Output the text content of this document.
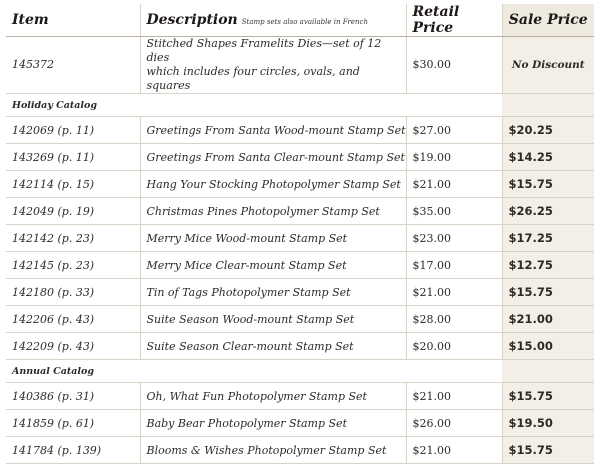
Item	Description Stamp sets also available in French	Retail Price	Sale Price
145372	Stitched Shapes Framelits Dies—set of 12 dies
which includes four circles, ovals, and squares	$30.00	No Discount
Holiday Catalog			
142069 (p. 11)	Greetings From Santa Wood-mount Stamp Set	$27.00	$20.25
143269 (p. 11)	Greetings From Santa Clear-mount Stamp Set	$19.00	$14.25
142114 (p. 15)	Hang Your Stocking Photopolymer Stamp Set	$21.00	$15.75
142049 (p. 19)	Christmas Pines Photopolymer Stamp Set	$35.00	$26.25
142142 (p. 23)	Merry Mice Wood-mount Stamp Set	$23.00	$17.25
142145 (p. 23)	Merry Mice Clear-mount Stamp Set	$17.00	$12.75
142180 (p. 33)	Tin of Tags Photopolymer Stamp Set	$21.00	$15.75
142206 (p. 43)	Suite Season Wood-mount Stamp Set	$28.00	$21.00
142209 (p. 43)	Suite Season Clear-mount Stamp Set	$20.00	$15.00
Annual Catalog			
140386 (p. 31)	Oh, What Fun Photopolymer Stamp Set	$21.00	$15.75
141859 (p. 61)	Baby Bear Photopolymer Stamp Set	$26.00	$19.50
141784 (p. 139)	Blooms & Wishes Photopolymer Stamp Set	$21.00	$15.75
